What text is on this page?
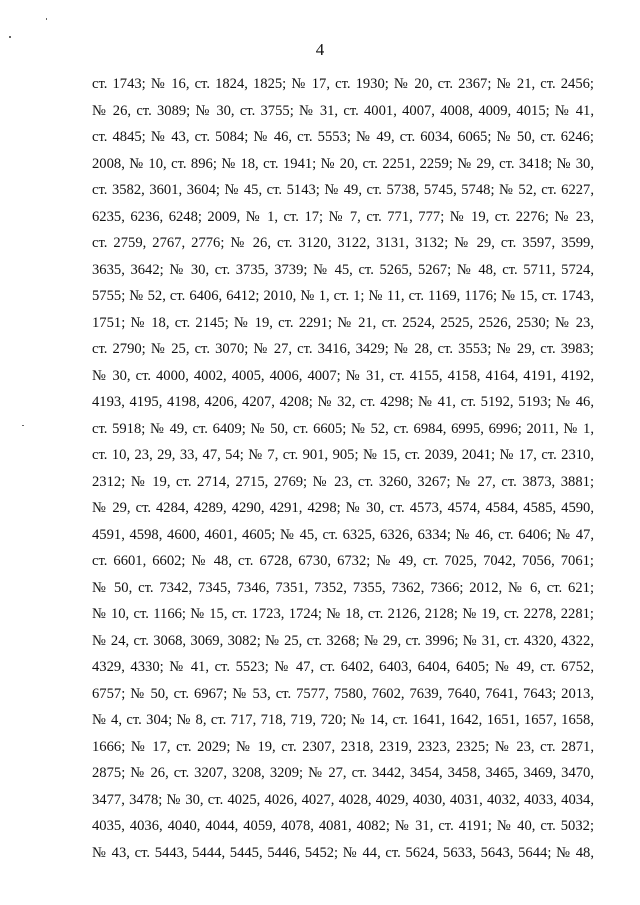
4
ст. 1743; № 16, ст. 1824, 1825; № 17, ст. 1930; № 20, ст. 2367; № 21, ст. 2456;
№ 26, ст. 3089; № 30, ст. 3755; № 31, ст. 4001, 4007, 4008, 4009, 4015; № 41,
ст. 4845; № 43, ст. 5084; № 46, ст. 5553; № 49, ст. 6034, 6065; № 50, ст. 6246;
2008, № 10, ст. 896; № 18, ст. 1941; № 20, ст. 2251, 2259; № 29, ст. 3418; № 30,
ст. 3582, 3601, 3604; № 45, ст. 5143; № 49, ст. 5738, 5745, 5748; № 52, ст. 6227,
6235, 6236, 6248; 2009, № 1, ст. 17; № 7, ст. 771, 777; № 19, ст. 2276; № 23,
ст. 2759, 2767, 2776; № 26, ст. 3120, 3122, 3131, 3132; № 29, ст. 3597, 3599,
3635, 3642; № 30, ст. 3735, 3739; № 45, ст. 5265, 5267; № 48, ст. 5711, 5724,
5755; № 52, ст. 6406, 6412; 2010, № 1, ст. 1; № 11, ст. 1169, 1176; № 15, ст. 1743,
1751; № 18, ст. 2145; № 19, ст. 2291; № 21, ст. 2524, 2525, 2526, 2530; № 23,
ст. 2790; № 25, ст. 3070; № 27, ст. 3416, 3429; № 28, ст. 3553; № 29, ст. 3983;
№ 30, ст. 4000, 4002, 4005, 4006, 4007; № 31, ст. 4155, 4158, 4164, 4191, 4192,
4193, 4195, 4198, 4206, 4207, 4208; № 32, ст. 4298; № 41, ст. 5192, 5193; № 46,
ст. 5918; № 49, ст. 6409; № 50, ст. 6605; № 52, ст. 6984, 6995, 6996; 2011, № 1,
ст. 10, 23, 29, 33, 47, 54; № 7, ст. 901, 905; № 15, ст. 2039, 2041; № 17, ст. 2310,
2312; № 19, ст. 2714, 2715, 2769; № 23, ст. 3260, 3267; № 27, ст. 3873, 3881;
№ 29, ст. 4284, 4289, 4290, 4291, 4298; № 30, ст. 4573, 4574, 4584, 4585, 4590,
4591, 4598, 4600, 4601, 4605; № 45, ст. 6325, 6326, 6334; № 46, ст. 6406; № 47,
ст. 6601, 6602; № 48, ст. 6728, 6730, 6732; № 49, ст. 7025, 7042, 7056, 7061;
№ 50, ст. 7342, 7345, 7346, 7351, 7352, 7355, 7362, 7366; 2012, № 6, ст. 621;
№ 10, ст. 1166; № 15, ст. 1723, 1724; № 18, ст. 2126, 2128; № 19, ст. 2278, 2281;
№ 24, ст. 3068, 3069, 3082; № 25, ст. 3268; № 29, ст. 3996; № 31, ст. 4320, 4322,
4329, 4330; № 41, ст. 5523; № 47, ст. 6402, 6403, 6404, 6405; № 49, ст. 6752,
6757; № 50, ст. 6967; № 53, ст. 7577, 7580, 7602, 7639, 7640, 7641, 7643; 2013,
№ 4, ст. 304; № 8, ст. 717, 718, 719, 720; № 14, ст. 1641, 1642, 1651, 1657, 1658,
1666; № 17, ст. 2029; № 19, ст. 2307, 2318, 2319, 2323, 2325; № 23, ст. 2871,
2875; № 26, ст. 3207, 3208, 3209; № 27, ст. 3442, 3454, 3458, 3465, 3469, 3470,
3477, 3478; № 30, ст. 4025, 4026, 4027, 4028, 4029, 4030, 4031, 4032, 4033, 4034,
4035, 4036, 4040, 4044, 4059, 4078, 4081, 4082; № 31, ст. 4191; № 40, ст. 5032;
№ 43, ст. 5443, 5444, 5445, 5446, 5452; № 44, ст. 5624, 5633, 5643, 5644; № 48,
